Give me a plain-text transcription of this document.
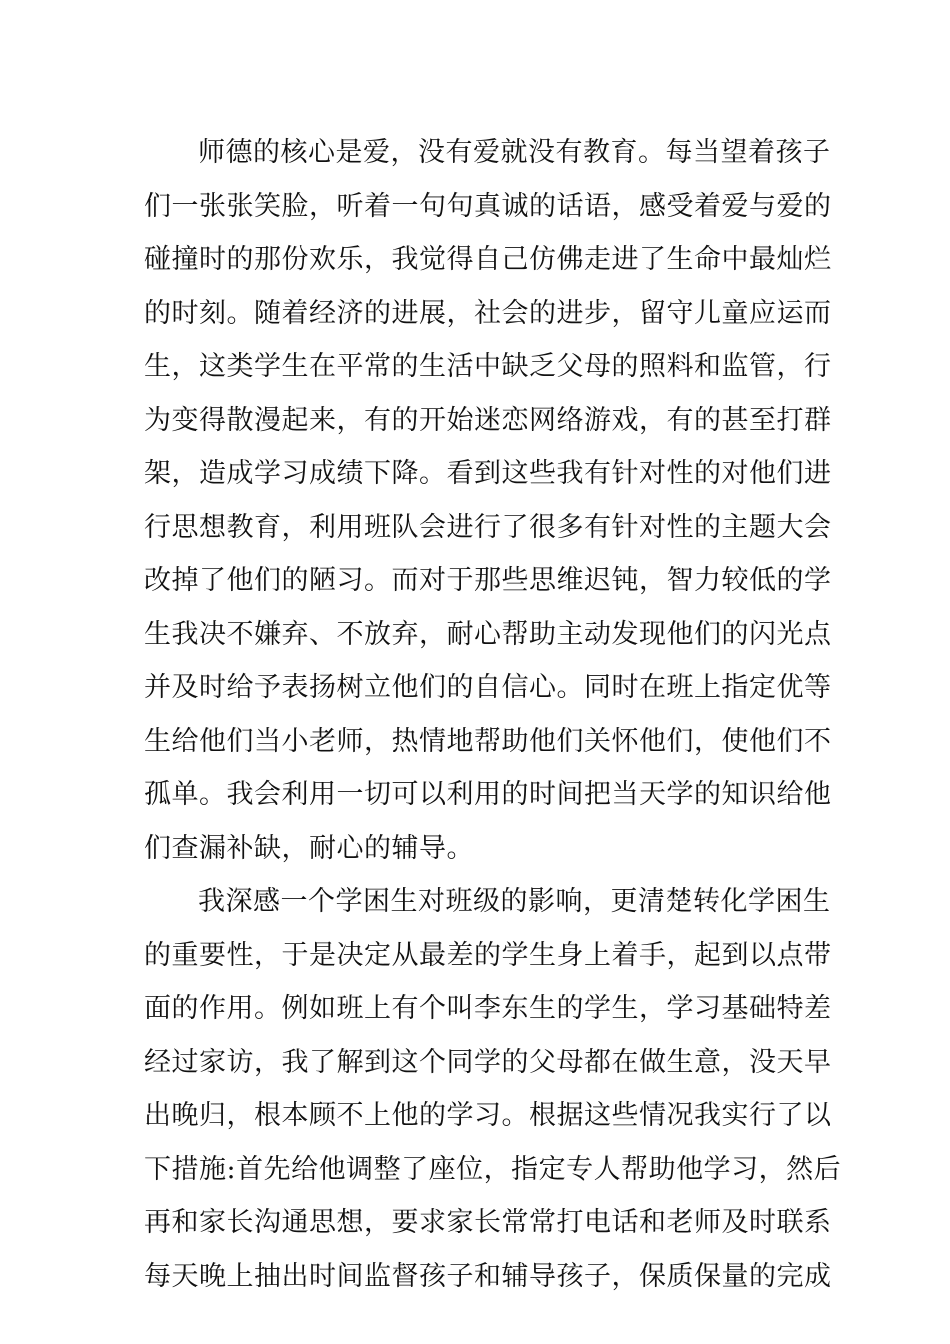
师德的核心是爱，没有爱就没有教育。每当望着孩子
们一张张笑脸，听着一句句真诚的话语，感受着爱与爱的
碰撞时的那份欢乐，我觉得自己仿佛走进了生命中最灿烂
的时刻。随着经济的进展，社会的进步，留守儿童应运而
生，这类学生在平常的生活中缺乏父母的照料和监管，行
为变得散漫起来，有的开始迷恋网络游戏，有的甚至打群
架，造成学习成绩下降。看到这些我有针对性的对他们进
行思想教育，利用班队会进行了很多有针对性的主题大会
改掉了他们的陋习。而对于那些思维迟钝，智力较低的学
生我决不嫌弃、不放弃，耐心帮助主动发现他们的闪光点
并及时给予表扬树立他们的自信心。同时在班上指定优等
生给他们当小老师，热情地帮助他们关怀他们，使他们不
孤单。我会利用一切可以利用的时间把当天学的知识给他
们查漏补缺，耐心的辅导。
我深感一个学困生对班级的影响，更清楚转化学困生
的重要性，于是决定从最差的学生身上着手，起到以点带
面的作用。例如班上有个叫李东生的学生，学习基础特差
经过家访，我了解到这个同学的父母都在做生意，没天早
出晚归，根本顾不上他的学习。根据这些情况我实行了以
下措施:首先给他调整了座位，指定专人帮助他学习，然后
再和家长沟通思想，要求家长常常打电话和老师及时联系
每天晚上抽出时间监督孩子和辅导孩子，保质保量的完成
